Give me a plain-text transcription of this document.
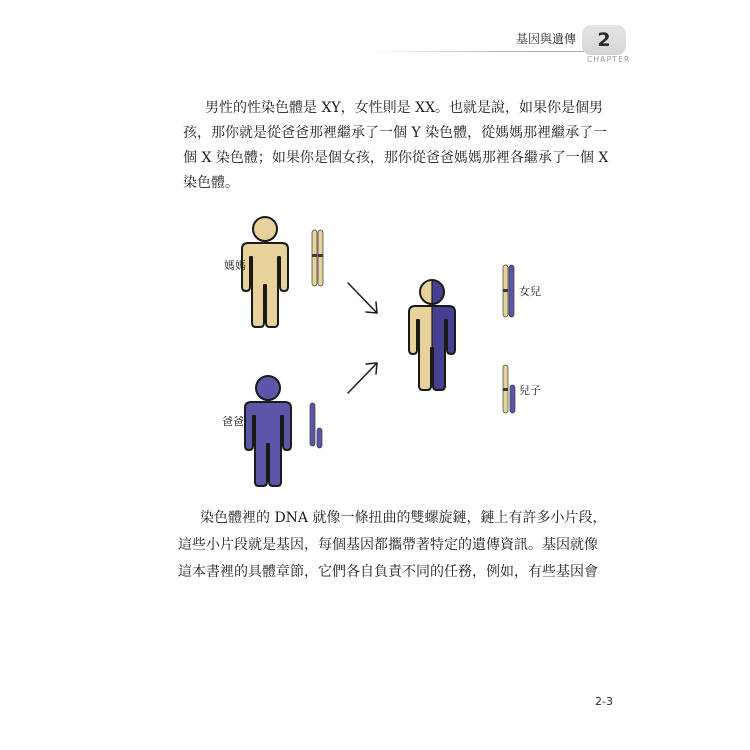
基因與遺傳 2
CHAPTER
男性的性染色體是 XY，女性則是 XX。也就是說，如果你是個男
孩，那你就是從爸爸那裡繼承了一個 Y 染色體，從媽媽那裡繼承了一
個 X 染色體；如果你是個女孩，那你從爸爸媽媽那裡各繼承了一個 X
染色體。
媽媽
爸爸
女兒
兒子
染色體裡的 DNA 就像一條扭曲的雙螺旋鏈，鏈上有許多小片段，
這些小片段就是基因，每個基因都攜帶著特定的遺傳資訊。基因就像
這本書裡的具體章節，它們各自負責不同的任務，例如，有些基因會
2-3
